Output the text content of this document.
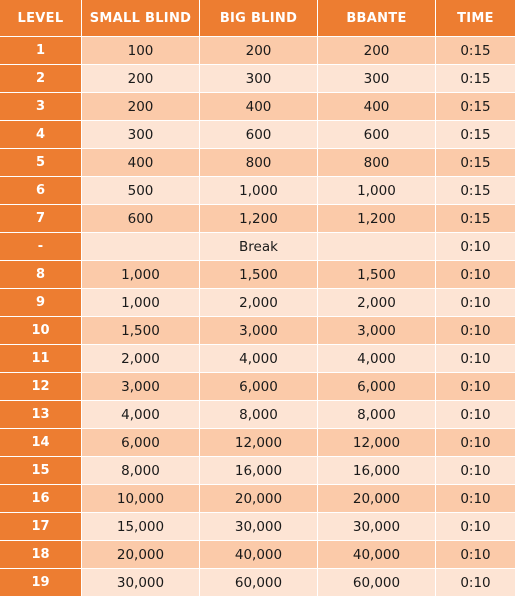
LEVEL	SMALL BLIND	BIG BLIND	BBANTE	TIME
1	100	200	200	0:15
2	200	300	300	0:15
3	200	400	400	0:15
4	300	600	600	0:15
5	400	800	800	0:15
6	500	1,000	1,000	0:15
7	600	1,200	1,200	0:15
-		Break		0:10
8	1,000	1,500	1,500	0:10
9	1,000	2,000	2,000	0:10
10	1,500	3,000	3,000	0:10
11	2,000	4,000	4,000	0:10
12	3,000	6,000	6,000	0:10
13	4,000	8,000	8,000	0:10
14	6,000	12,000	12,000	0:10
15	8,000	16,000	16,000	0:10
16	10,000	20,000	20,000	0:10
17	15,000	30,000	30,000	0:10
18	20,000	40,000	40,000	0:10
19	30,000	60,000	60,000	0:10
